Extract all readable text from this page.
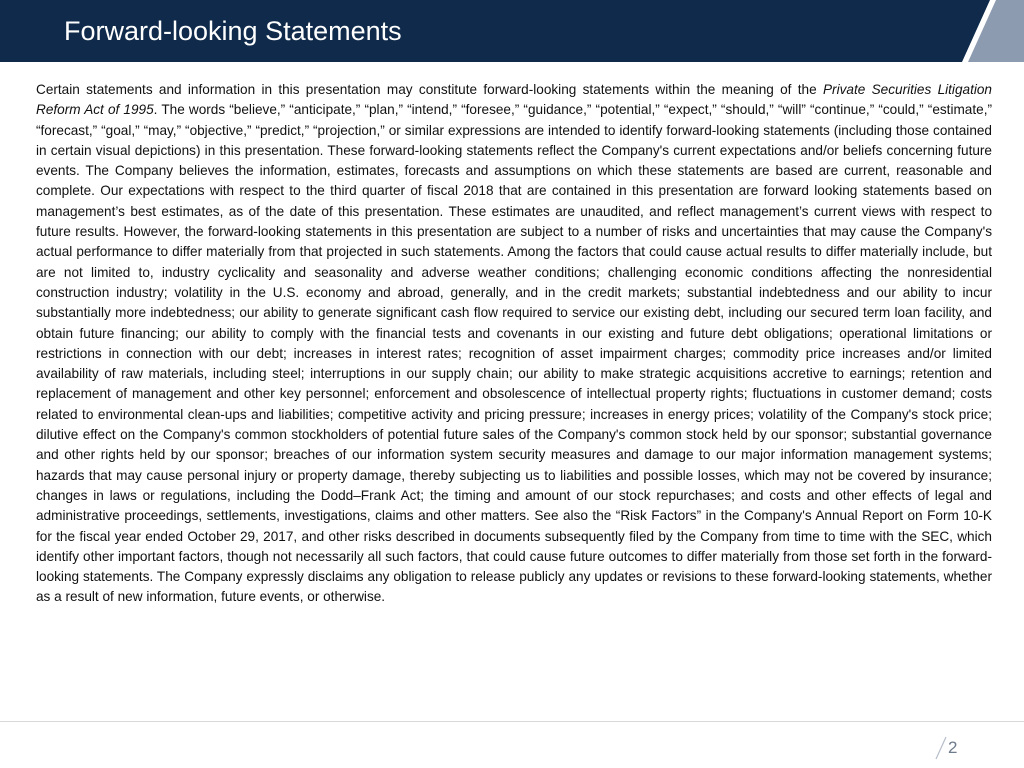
Forward-looking Statements

Certain statements and information in this presentation may constitute forward-looking statements within the meaning of the Private Securities Litigation Reform Act of 1995. The words “believe,” “anticipate,” “plan,” “intend,” “foresee,” “guidance,” “potential,” “expect,” “should,” “will” “continue,” “could,” “estimate,” “forecast,” “goal,” “may,” “objective,” “predict,” “projection,” or similar expressions are intended to identify forward-looking statements (including those contained in certain visual depictions) in this presentation. These forward-looking statements reflect the Company's current expectations and/or beliefs concerning future events. The Company believes the information, estimates, forecasts and assumptions on which these statements are based are current, reasonable and complete. Our expectations with respect to the third quarter of fiscal 2018 that are contained in this presentation are forward looking statements based on management’s best estimates, as of the date of this presentation. These estimates are unaudited, and reflect management’s current views with respect to future results. However, the forward-looking statements in this presentation are subject to a number of risks and uncertainties that may cause the Company's actual performance to differ materially from that projected in such statements. Among the factors that could cause actual results to differ materially include, but are not limited to, industry cyclicality and seasonality and adverse weather conditions; challenging economic conditions affecting the nonresidential construction industry; volatility in the U.S. economy and abroad, generally, and in the credit markets; substantial indebtedness and our ability to incur substantially more indebtedness; our ability to generate significant cash flow required to service our existing debt, including our secured term loan facility, and obtain future financing; our ability to comply with the financial tests and covenants in our existing and future debt obligations; operational limitations or restrictions in connection with our debt; increases in interest rates; recognition of asset impairment charges; commodity price increases and/or limited availability of raw materials, including steel; interruptions in our supply chain; our ability to make strategic acquisitions accretive to earnings; retention and replacement of management and other key personnel; enforcement and obsolescence of intellectual property rights; fluctuations in customer demand; costs related to environmental clean-ups and liabilities; competitive activity and pricing pressure; increases in energy prices; volatility of the Company's stock price; dilutive effect on the Company's common stockholders of potential future sales of the Company's common stock held by our sponsor; substantial governance and other rights held by our sponsor; breaches of our information system security measures and damage to our major information management systems; hazards that may cause personal injury or property damage, thereby subjecting us to liabilities and possible losses, which may not be covered by insurance; changes in laws or regulations, including the Dodd–Frank Act; the timing and amount of our stock repurchases; and costs and other effects of legal and administrative proceedings, settlements, investigations, claims and other matters. See also the “Risk Factors” in the Company's Annual Report on Form 10-K for the fiscal year ended October 29, 2017, and other risks described in documents subsequently filed by the Company from time to time with the SEC, which identify other important factors, though not necessarily all such factors, that could cause future outcomes to differ materially from those set forth in the forward-looking statements. The Company expressly disclaims any obligation to release publicly any updates or revisions to these forward-looking statements, whether as a result of new information, future events, or otherwise.

2
